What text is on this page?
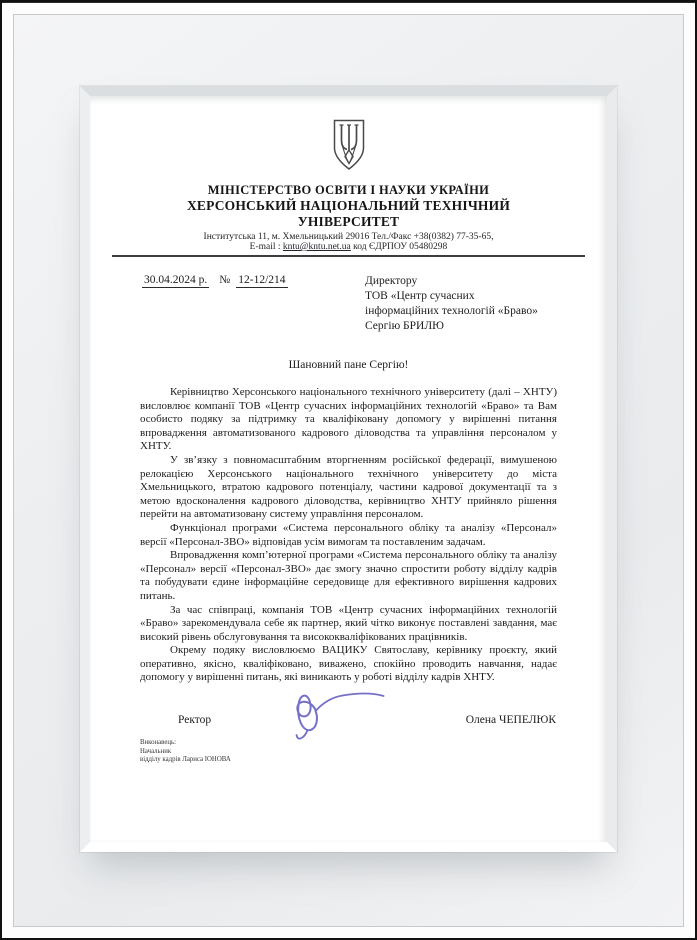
МІНІСТЕРСТВО ОСВІТИ І НАУКИ УКРАЇНИ
ХЕРСОНСЬКИЙ НАЦІОНАЛЬНИЙ ТЕХНІЧНИЙ УНІВЕРСИТЕТ
Інститутська 11, м. Хмельницький 29016 Тел./Факс +38(0382) 77-35-65,
E-mail : kntu@kntu.net.ua код ЄДРПОУ 05480298
30.04.2024 р. № 12-12/214	Директору
ТОВ «Центр сучасних
інформаційних технологій «Браво»
Сергію БРИЛЮ
Шановний пане Сергію!

Керівництво Херсонського національного технічного університету (далі – ХНТУ) висловлює компанії ТОВ «Центр сучасних інформаційних технологій «Браво» та Вам особисто подяку за підтримку та кваліфіковану допомогу у вирішенні питання впровадження автоматизованого кадрового діловодства та управління персоналом у ХНТУ.

У зв’язку з повномасштабним вторгненням російської федерації, вимушеною релокацією Херсонського національного технічного університету до міста Хмельницького, втратою кадрового потенціалу, частини кадрової документації та з метою вдосконалення кадрового діловодства, керівництво ХНТУ прийняло рішення перейти на автоматизовану систему управління персоналом.

Функціонал програми «Система персонального обліку та аналізу «Персонал» версії «Персонал-ЗВО» відповідав усім вимогам та поставленим задачам.

Впровадження комп’ютерної програми «Система персонального обліку та аналізу «Персонал» версії «Персонал-ЗВО» дає змогу значно спростити роботу відділу кадрів та побудувати єдине інформаційне середовище для ефективного вирішення кадрових питань.

За час співпраці, компанія ТОВ «Центр сучасних інформаційних технологій «Браво» зарекомендувала себе як партнер, який чітко виконує поставлені завдання, має високий рівень обслуговування та висококваліфікованих працівників.

Окрему подяку висловлюємо ВАЦИКУ Святославу, керівнику проєкту, який оперативно, якісно, кваліфіковано, виважено, спокійно проводить навчання, надає допомогу у вирішенні питань, які виникають у роботі відділу кадрів ХНТУ.

Ректор	Олена ЧЕПЕЛЮК
Виконавець:
Начальник
відділу кадрів Лариса ІОНОВА
